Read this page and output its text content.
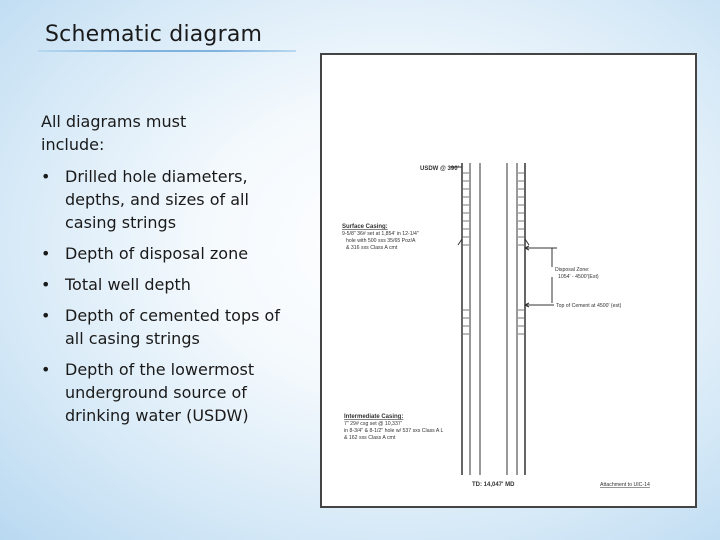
Schematic diagram
All diagrams must include:
• Drilled hole diameters, depths, and sizes of all casing strings
• Depth of disposal zone
• Total well depth
• Depth of cemented tops of all casing strings
• Depth of the lowermost underground source of drinking water (USDW)
USDW @ 390'
Surface Casing:
9-5/8" 36# set at 1,854' in 12-1/4"
hole with 500 sxs 35/65 Poz/A
& 316 sxs Class A cmt
Disposal Zone:
1054' - 4500'(Est)
Top of Cement at 4500' (est)
Intermediate Casing:
7" 29# csg set @ 10,337'
in 8-3/4" & 8-1/2" hole w/ 537 sxs Class A L
& 162 sxs Class A cmt
TD: 14,047' MD	Attachment to UIC-14
